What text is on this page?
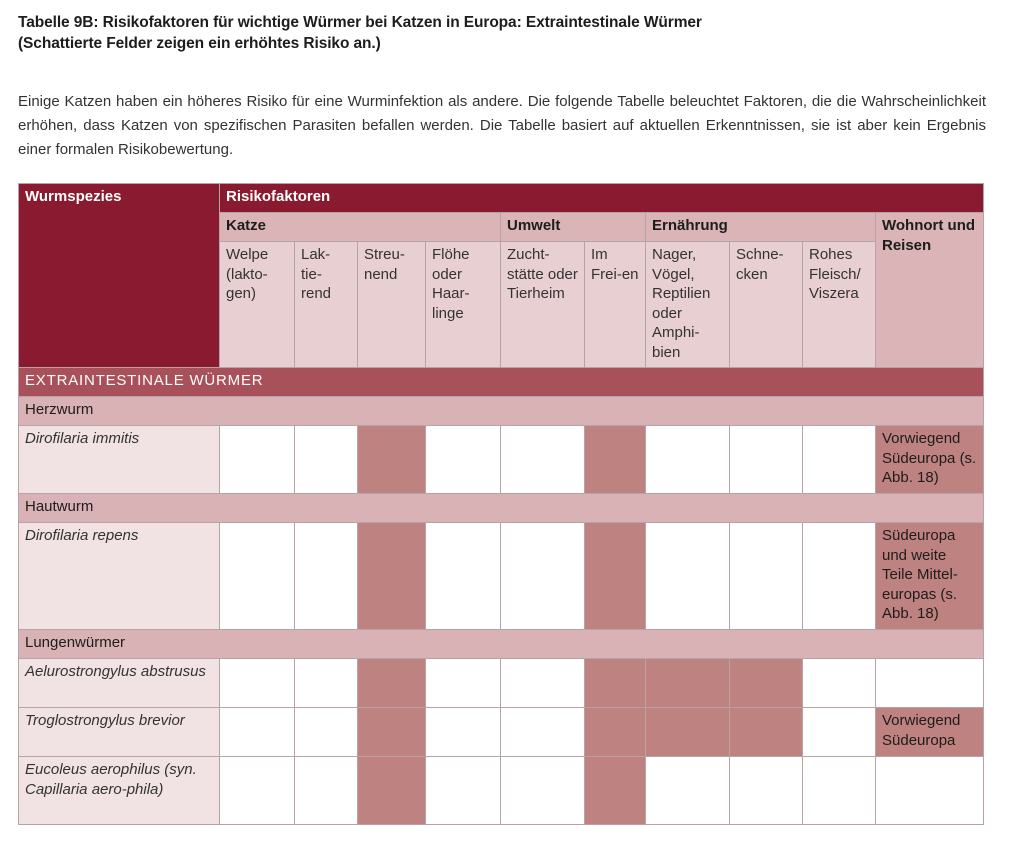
Tabelle 9B: Risikofaktoren für wichtige Würmer bei Katzen in Europa: Extraintestinale Würmer
(Schattierte Felder zeigen ein erhöhtes Risiko an.)

Einige Katzen haben ein höheres Risiko für eine Wurminfektion als andere. Die folgende Tabelle beleuchtet Faktoren, die die Wahrscheinlichkeit erhöhen, dass Katzen von spezifischen Parasiten befallen werden. Die Tabelle basiert auf aktuellen Erkenntnissen, sie ist aber kein Ergebnis einer formalen Risikobewertung.

Wurmspezies	Risikofaktoren									
	Katze				Umwelt		Ernährung			Wohnort und Reisen
	Welpe (lakto-gen)	Lak-tie-rend	Streu-nend	Flöhe oder Haar-linge	Zucht-stätte oder Tierheim	Im Frei-en	Nager, Vögel, Reptilien oder Amphi-bien	Schne-cken	Rohes Fleisch/ Viszera	
EXTRAINTESTINALE WÜRMER										
Herzwurm										
Dirofilaria immitis										Vorwiegend Südeuropa (s. Abb. 18)
Hautwurm										
Dirofilaria repens										Südeuropa und weite Teile Mittel-europas (s. Abb. 18)
Lungenwürmer										
Aelurostrongylus abstrusus										
Troglostrongylus brevior										Vorwiegend Südeuropa
Eucoleus aerophilus (syn. Capillaria aero-phila)										
